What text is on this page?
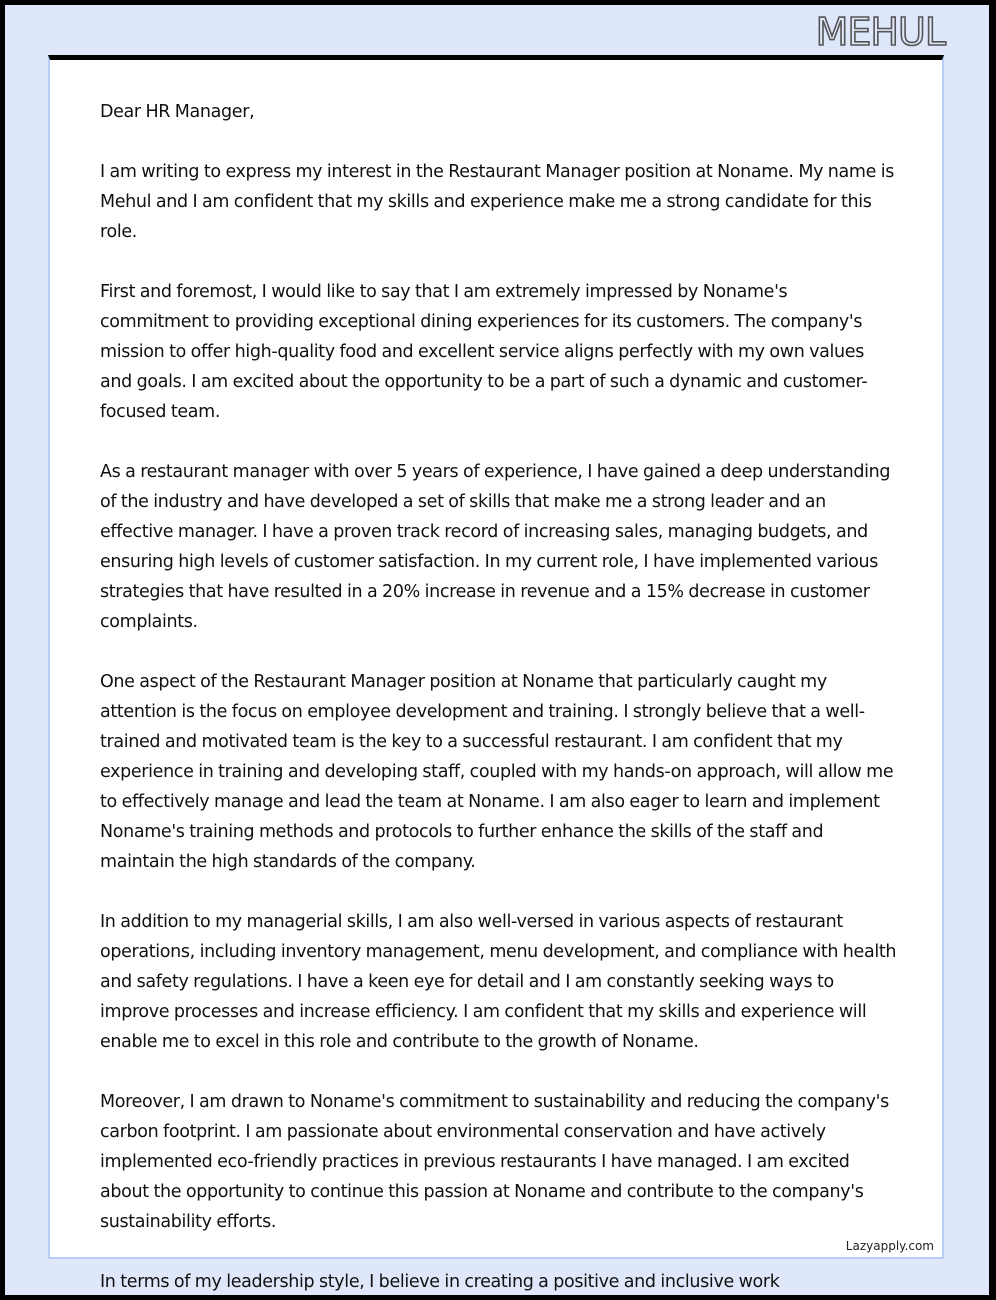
MEHUL
Lazyapply.com

Dear HR Manager,

I am writing to express my interest in the Restaurant Manager position at Noname. My name is Mehul and I am confident that my skills and experience make me a strong candidate for this role.

First and foremost, I would like to say that I am extremely impressed by Noname's commitment to providing exceptional dining experiences for its customers. The company's mission to offer high-quality food and excellent service aligns perfectly with my own values and goals. I am excited about the opportunity to be a part of such a dynamic and customer-focused team.

As a restaurant manager with over 5 years of experience, I have gained a deep understanding of the industry and have developed a set of skills that make me a strong leader and an effective manager. I have a proven track record of increasing sales, managing budgets, and ensuring high levels of customer satisfaction. In my current role, I have implemented various strategies that have resulted in a 20% increase in revenue and a 15% decrease in customer complaints.

One aspect of the Restaurant Manager position at Noname that particularly caught my attention is the focus on employee development and training. I strongly believe that a well-trained and motivated team is the key to a successful restaurant. I am confident that my experience in training and developing staff, coupled with my hands-on approach, will allow me to effectively manage and lead the team at Noname. I am also eager to learn and implement Noname's training methods and protocols to further enhance the skills of the staff and maintain the high standards of the company.

In addition to my managerial skills, I am also well-versed in various aspects of restaurant operations, including inventory management, menu development, and compliance with health and safety regulations. I have a keen eye for detail and I am constantly seeking ways to improve processes and increase efficiency. I am confident that my skills and experience will enable me to excel in this role and contribute to the growth of Noname.

Moreover, I am drawn to Noname's commitment to sustainability and reducing the company's carbon footprint. I am passionate about environmental conservation and have actively implemented eco-friendly practices in previous restaurants I have managed. I am excited about the opportunity to continue this passion at Noname and contribute to the company's sustainability efforts.

In terms of my leadership style, I believe in creating a positive and inclusive work
